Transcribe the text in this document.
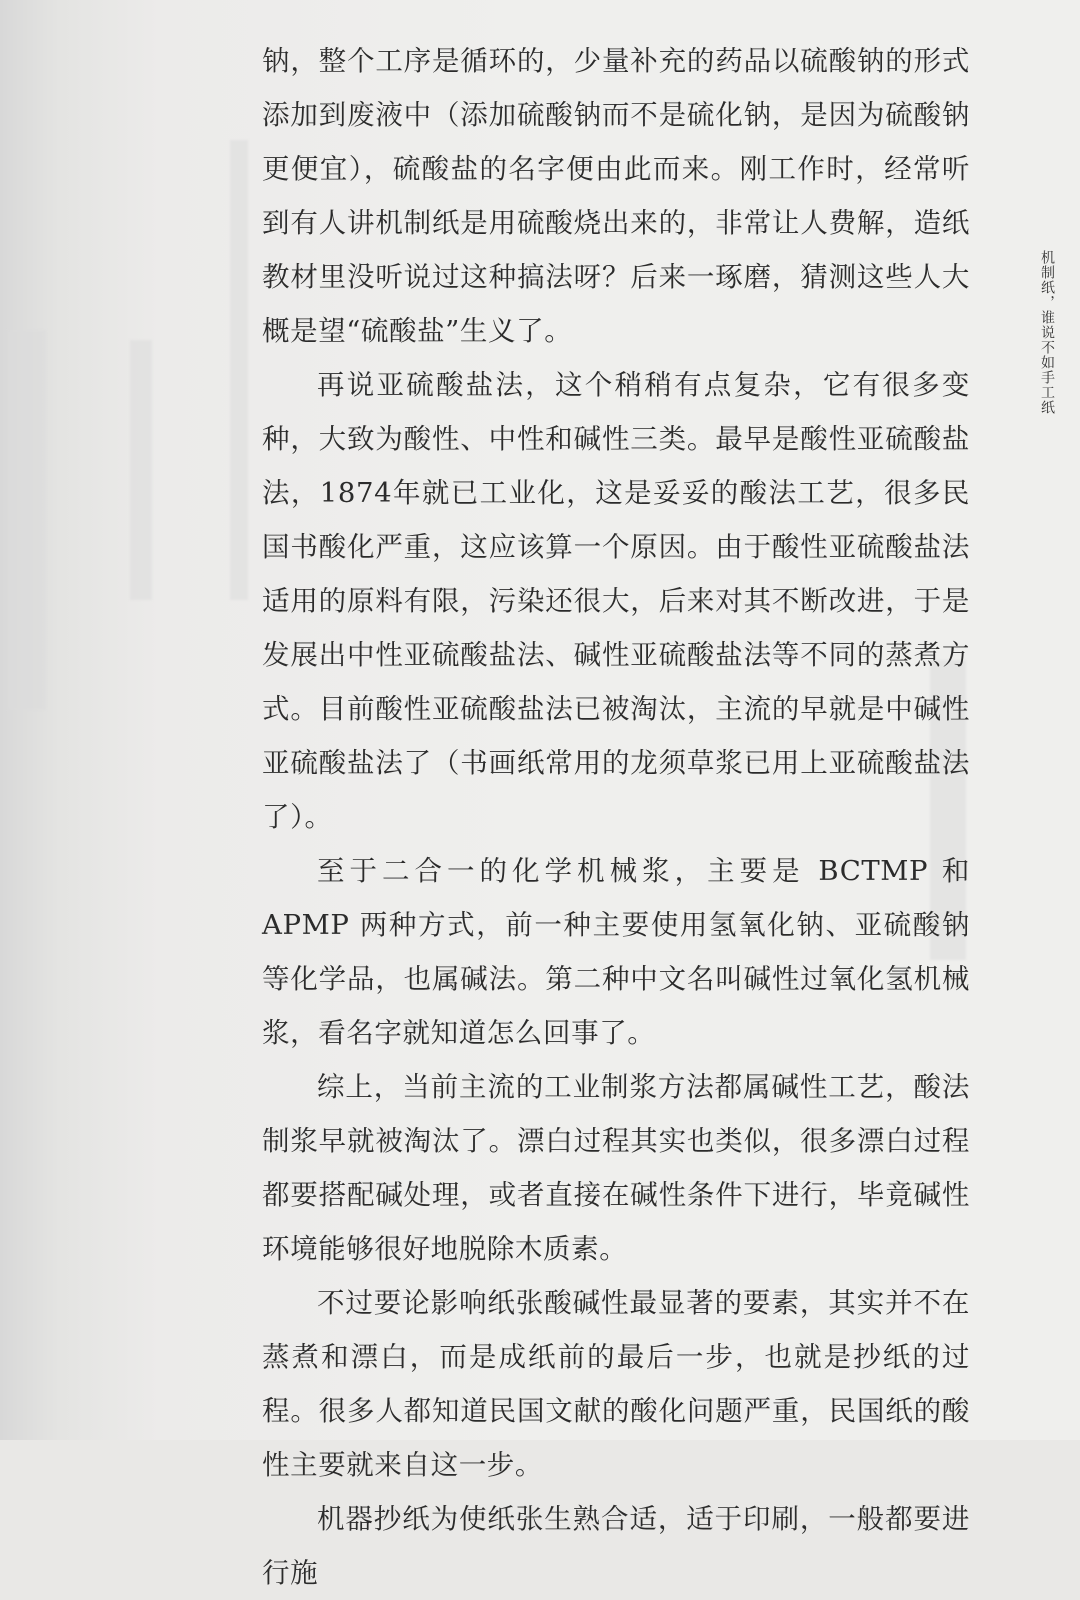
钠，整个工序是循环的，少量补充的药品以硫酸钠的形式添加到废液中（添加硫酸钠而不是硫化钠，是因为硫酸钠更便宜），硫酸盐的名字便由此而来。刚工作时，经常听到有人讲机制纸是用硫酸烧出来的，非常让人费解，造纸教材里没听说过这种搞法呀？后来一琢磨，猜测这些人大概是望“硫酸盐”生义了。

再说亚硫酸盐法，这个稍稍有点复杂，它有很多变种，大致为酸性、中性和碱性三类。最早是酸性亚硫酸盐法，1874年就已工业化，这是妥妥的酸法工艺，很多民国书酸化严重，这应该算一个原因。由于酸性亚硫酸盐法适用的原料有限，污染还很大，后来对其不断改进，于是发展出中性亚硫酸盐法、碱性亚硫酸盐法等不同的蒸煮方式。目前酸性亚硫酸盐法已被淘汰，主流的早就是中碱性亚硫酸盐法了（书画纸常用的龙须草浆已用上亚硫酸盐法了）。

至于二合一的化学机械浆，主要是 BCTMP 和 APMP 两种方式，前一种主要使用氢氧化钠、亚硫酸钠等化学品，也属碱法。第二种中文名叫碱性过氧化氢机械浆，看名字就知道怎么回事了。

综上，当前主流的工业制浆方法都属碱性工艺，酸法制浆早就被淘汰了。漂白过程其实也类似，很多漂白过程都要搭配碱处理，或者直接在碱性条件下进行，毕竟碱性环境能够很好地脱除木质素。

不过要论影响纸张酸碱性最显著的要素，其实并不在蒸煮和漂白，而是成纸前的最后一步，也就是抄纸的过程。很多人都知道民国文献的酸化问题严重，民国纸的酸性主要就来自这一步。

机器抄纸为使纸张生熟合适，适于印刷，一般都要进行施

机制纸，谁说不如手工纸
